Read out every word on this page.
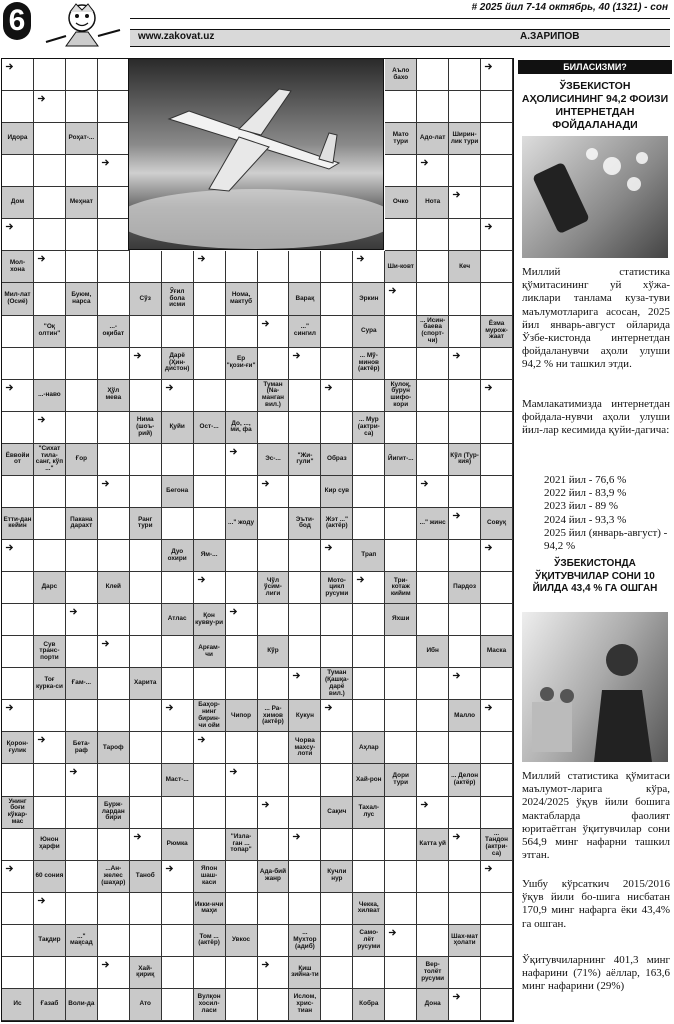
6	# 2025 йил 7-14 октябрь, 40 (1321) - сон
www.zakovat.uz	А.ЗАРИПОВ
Аъло бахо
Идора	Роҳат-...	Мато тури	Адо-лат	Ширин-лик тури
Дом	Меҳнат	Очко	Нота
Мол-хона	Ши-ковт	Кеч
Мил-лат (Осиё)
Буюм, нарса	Сўз
Ўғил бола исми
Нома, мактуб	Варақ	Эркин
"Оқ олтин"
...-оқибат
..." сингил	Сура
... Исин-баева (спорт-чи)
Ёзма мурож-жаат
Дарё (Ҳин-дистон)
Ер "қози-ғи"
... Мў-минов (актёр)
...-наво	Ҳўл мева
Туман (Na-манган вил.)
Кулоқ, бурун шифо-кори
Нима (шоъ-рий)
Қуйи	Ост-...	До, ..., ми, фа
... Мур (актри-са)
Ёввойи от
"Сихат тила-санг, кўп ..."
Ғор	Эс-...	"Жи-гули"	Образ	Йигит-...	Кўл (Тур-кия)
Бегона	Кир сув
Етти-дан кейин
Пакана дарахт
Ранг тури	..." жоду	Эъти-бод
Жэт ..." (актёр)	..." жинс	Совуқ
Дуо охири	Ям-...	Трап
Дарс	Клей
Чўл ўсим-лиги
Мото-цикл русуми
Три-котаж кийим
Пардоз
Атлас	Қон кувву-ри	Яхши
Сув транс-порти
Арғам-чи	Кўр	Ибн	Маска
Тоғ курка-си	Ғам-...	Харита
Туман (Қашқа-дарё вил.)
Баҳор-нинг бирин-чи ойи
Чипор
... Ра-химов (актёр)
Кукун	Малло
Қорон-ғулик
Бета-раф	Тароф
Чорва махсу-лоти
Аҳлар
Маст-...	Хай-рон	Дори тури
... Делон (актёр)
Унинг боғи кўкар-мас
Бурж-лардан бири
Сақич	Тахал-лус
Юнон ҳарфи	Рюмка
"Изла-ган ... топар"
Катта уй
... Тандон (актри-са)
60 сония
...Ан-желес (шаҳар)
Таноб
Япон шаш-каси
Ада-бий жанр
Кучли нур
Икки-нчи маҳи
Чекка, хилват
Тақдир	..." мақсад
Том ... (актёр)	Увкос
... Мухтор (адиб)
Само-лёт русуми
Шах-мат ҳолати
Хай-қириқ
Қиш зийна-ти
Вер-толёт русуми
Ис	Ғазаб	Воли-да	Ато
Вулқон хосил-ласи
Ислом, хрис-тиан
Кобра	Дона
БИЛАСИЗМИ?
ЎЗБЕКИСТОН АҲОЛИСИНИНГ 94,2 ФОИЗИ ИНТЕРНЕТДАН ФОЙДАЛАНАДИ
Миллий статистика қўмитасининг уй хўжа-ликлари танлама куза-туви маълумотларига асосан, 2025 йил январь-август ойларида Ўзбе-кистонда интернетдан фойдаланувчи аҳоли улуши 94,2 % ни ташкил этди.
Мамлакатимизда интернетдан фойдала-нувчи аҳоли улуши йил-лар кесимида қуйи-дагича:
2021 йил - 76,6 %
2022 йил - 83,9 %
2023 йил - 89 %
2024 йил - 93,3 %
2025 йил (январь-август) - 94,2 %
ЎЗБЕКИСТОНДА ЎҚИТУВЧИЛАР СОНИ 10 ЙИЛДА 43,4 % ГА ОШГАН
Миллий статистика қўмитаси маълумот-ларига кўра, 2024/2025 ўқув йили бошига мактабларда фаолият юритаётган ўқитувчилар сони 564,9 минг нафарни ташкил этган.
Ушбу кўрсаткич 2015/2016 ўқув йили бо-шига нисбатан 170,9 минг нафарга ёки 43,4% га ошган.
Ўқитувчиларнинг 401,3 минг нафарини (71%) аёллар, 163,6 минг нафарини (29%)
